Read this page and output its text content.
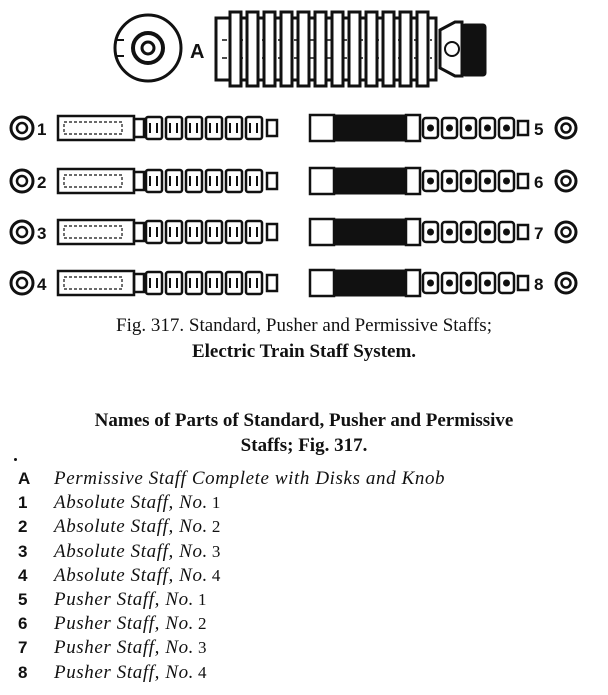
A
1
2
3
4
5
6
7
8
Fig. 317. Standard, Pusher and Permissive Staffs;
Electric Train Staff System.
Names of Parts of Standard, Pusher and Permissive
Staffs; Fig. 317.
A	Permissive Staff Complete with Disks and Knob
1	Absolute Staff, No.
1
2	Absolute Staff, No.
2
3	Absolute Staff, No.
3
4	Absolute Staff, No.
4
5	Pusher Staff, No.
1
6	Pusher Staff, No.
2
7	Pusher Staff, No.
3
8	Pusher Staff, No.
4
